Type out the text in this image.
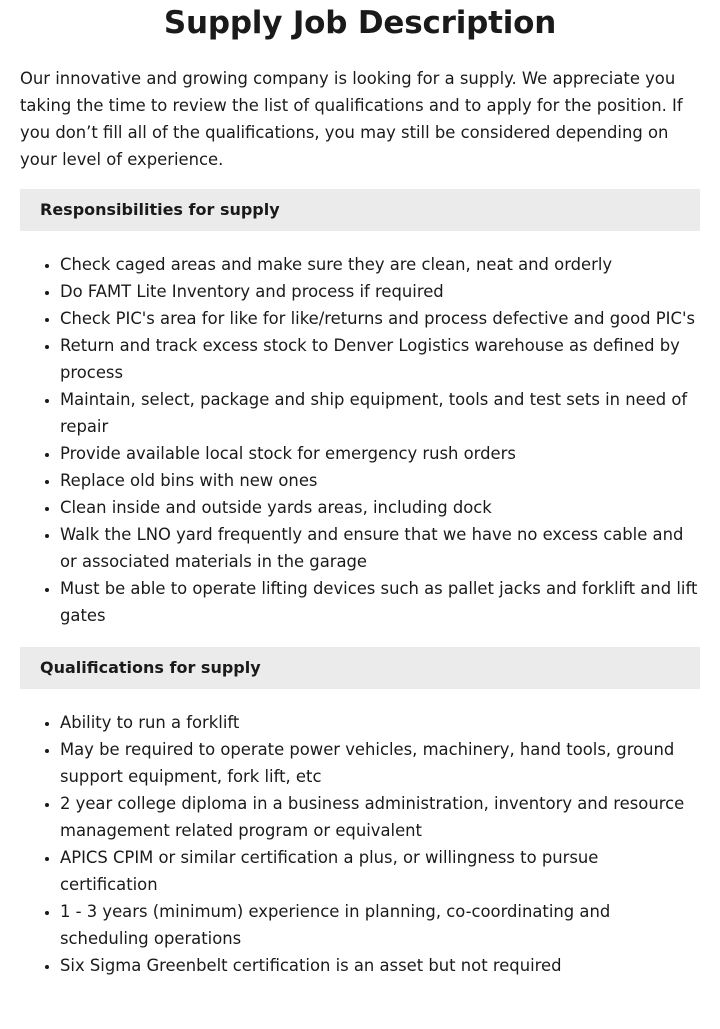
Supply Job Description

Our innovative and growing company is looking for a supply. We appreciate you taking the time to review the list of qualifications and to apply for the position. If you don’t fill all of the qualifications, you may still be considered depending on your level of experience.

Responsibilities for supply
• Check caged areas and make sure they are clean, neat and orderly
• Do FAMT Lite Inventory and process if required
• Check PIC's area for like for like/returns and process defective and good PIC's
• Return and track excess stock to Denver Logistics warehouse as defined by process
• Maintain, select, package and ship equipment, tools and test sets in need of repair
• Provide available local stock for emergency rush orders
• Replace old bins with new ones
• Clean inside and outside yards areas, including dock
• Walk the LNO yard frequently and ensure that we have no excess cable and or associated materials in the garage
• Must be able to operate lifting devices such as pallet jacks and forklift and lift gates
Qualifications for supply
• Ability to run a forklift
• May be required to operate power vehicles, machinery, hand tools, ground support equipment, fork lift, etc
• 2 year college diploma in a business administration, inventory and resource management related program or equivalent
• APICS CPIM or similar certification a plus, or willingness to pursue certification
• 1 - 3 years (minimum) experience in planning, co-coordinating and scheduling operations
• Six Sigma Greenbelt certification is an asset but not required
